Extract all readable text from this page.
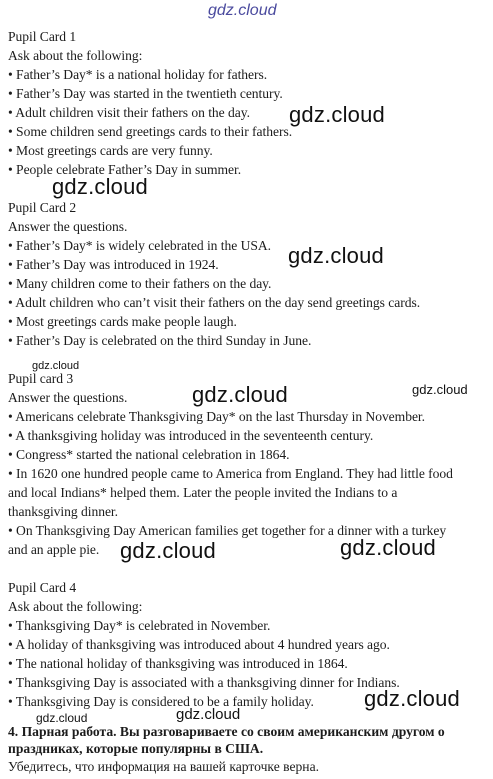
Pupil Card 1
Ask about the following:
• Father’s Day* is a national holiday for fathers.
• Father’s Day was started in the twentieth century.
• Adult children visit their fathers on the day.
• Some children send greetings cards to their fathers.
• Most greetings cards are very funny.
• People celebrate Father’s Day in summer.
Pupil Card 2
Answer the questions.
• Father’s Day* is widely celebrated in the USA.
• Father’s Day was introduced in 1924.
• Many children come to their fathers on the day.
• Adult children who can’t visit their fathers on the day send greetings cards.
• Most greetings cards make people laugh.
• Father’s Day is celebrated on the third Sunday in June.
Pupil card 3
Answer the questions.
• Americans celebrate Thanksgiving Day* on the last Thursday in November.
• A thanksgiving holiday was introduced in the seventeenth century.
• Congress* started the national celebration in 1864.
• In 1620 one hundred people came to America from England. They had little food
and local Indians* helped them. Later the people invited the Indians to a
thanksgiving dinner.
• On Thanksgiving Day American families get together for a dinner with a turkey
and an apple pie.
Pupil Card 4
Ask about the following:
• Thanksgiving Day* is celebrated in November.
• A holiday of thanksgiving was introduced about 4 hundred years ago.
• The national holiday of thanksgiving was introduced in 1864.
• Thanksgiving Day is associated with a thanksgiving dinner for Indians.
• Thanksgiving Day is considered to be a family holiday.
4. Парная работа. Вы разговариваете со своим американским другом о
праздниках, которые популярны в США.
Убедитесь, что информация на вашей карточке верна.
gdz.cloud
gdz.cloud
gdz.cloud
gdz.cloud
gdz.cloud
gdz.cloud	gdz.cloud
gdz.cloud	gdz.cloud
gdz.cloud
gdz.cloud	gdz.cloud
